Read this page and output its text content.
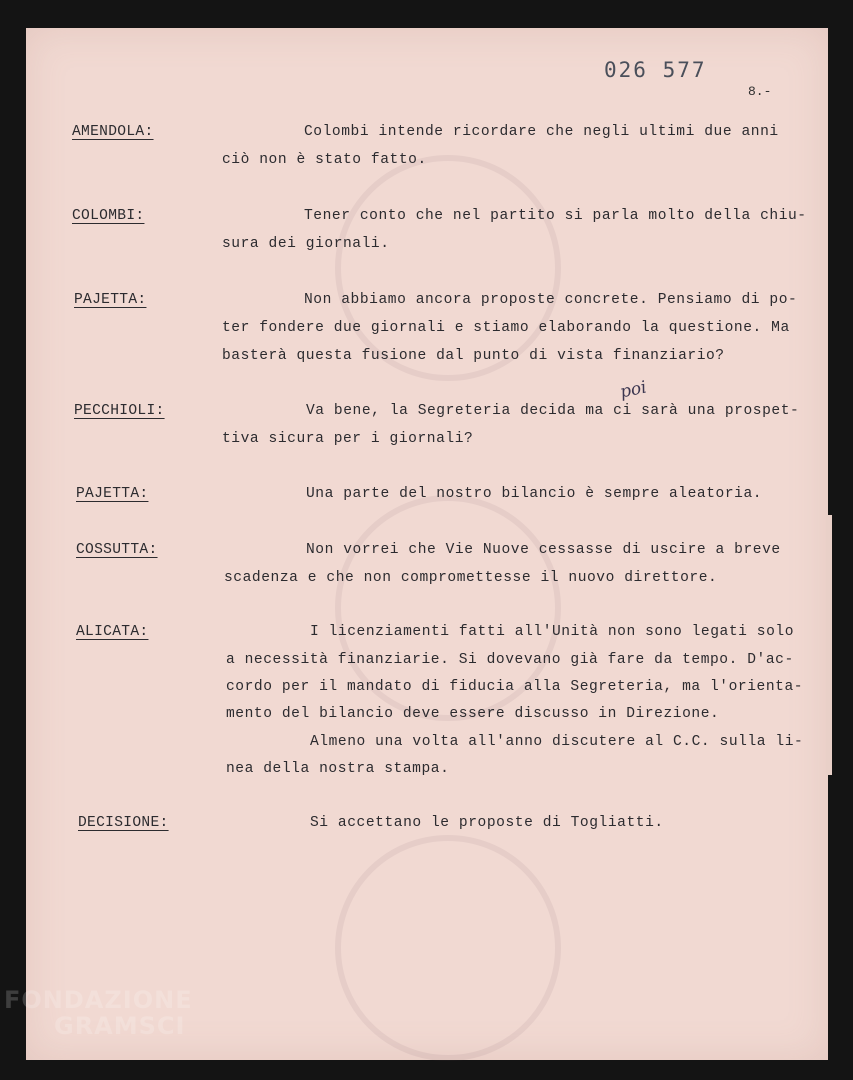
026 577
8.-
AMENDOLA:	Colombi intende ricordare che negli ultimi due anni
ciò non è stato fatto.
COLOMBI:	Tener conto che nel partito si parla molto della chiu-
sura dei giornali.
PAJETTA:	Non abbiamo ancora proposte concrete. Pensiamo di po-
ter fondere due giornali e stiamo elaborando la questione. Ma
basterà questa fusione dal punto di vista finanziario?
PECCHIOLI:	Va bene, la Segreteria decida ma ci sarà una prospet-
tiva sicura per i giornali?
poi
PAJETTA:	Una parte del nostro bilancio è sempre aleatoria.
COSSUTTA:	Non vorrei che Vie Nuove cessasse di uscire a breve
scadenza e che non compromettesse il nuovo direttore.
ALICATA:	I licenziamenti fatti all'Unità non sono legati solo
a necessità finanziarie. Si dovevano già fare da tempo. D'ac-
cordo per il mandato di fiducia alla Segreteria, ma l'orienta-
mento del bilancio deve essere discusso in Direzione.
Almeno una volta all'anno discutere al C.C. sulla li-
nea della nostra stampa.
DECISIONE:	Si accettano le proposte di Togliatti.
FONDAZIONE
GRAMSCI
